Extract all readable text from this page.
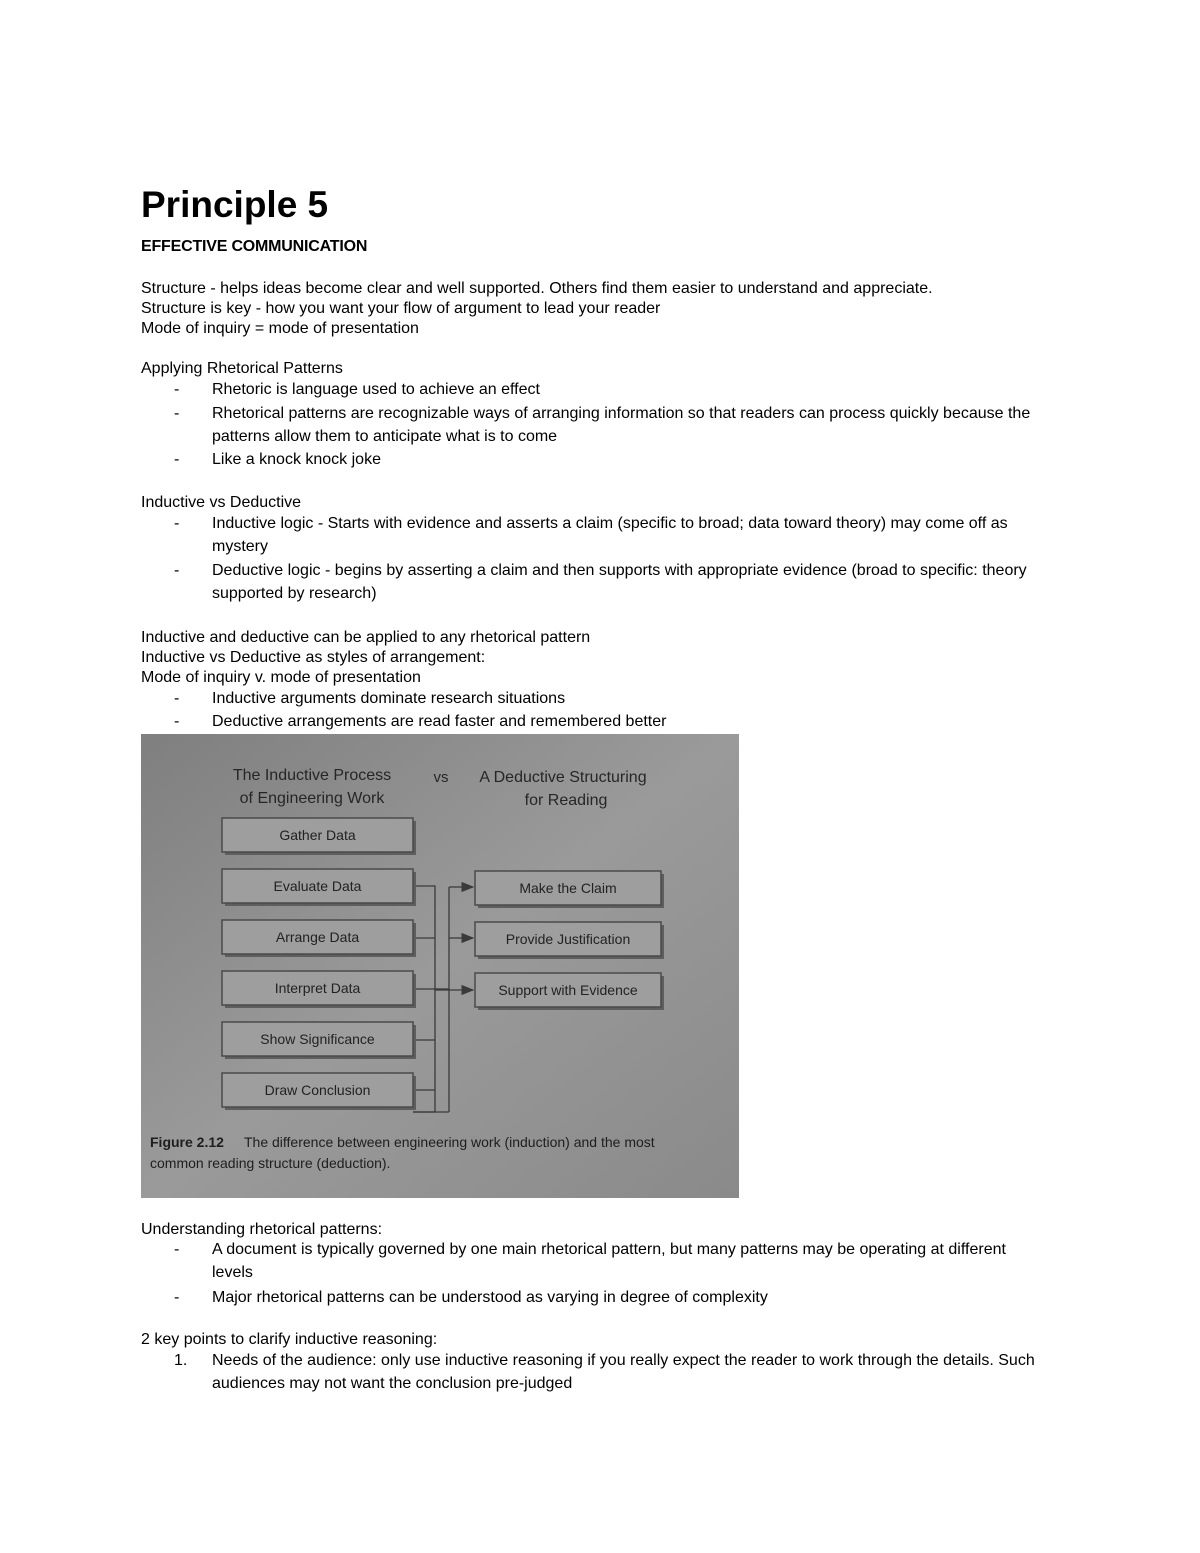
Principle 5

EFFECTIVE COMMUNICATION

Structure - helps ideas become clear and well supported. Others find them easier to understand and appreciate.

Structure is key - how you want your flow of argument to lead your reader

Mode of inquiry = mode of presentation

Applying Rhetorical Patterns

- Rhetoric is language used to achieve an effect
- Rhetorical patterns are recognizable ways of arranging information so that readers can process quickly because the patterns allow them to anticipate what is to come
- Like a knock knock joke

Inductive vs Deductive

- Inductive logic - Starts with evidence and asserts a claim (specific to broad; data toward theory) may come off as mystery
- Deductive logic - begins by asserting a claim and then supports with appropriate evidence (broad to specific: theory supported by research)

Inductive and deductive can be applied to any rhetorical pattern

Inductive vs Deductive as styles of arrangement:

Mode of inquiry v. mode of presentation

- Inductive arguments dominate research situations
- Deductive arrangements are read faster and remembered better
The Inductive Process
of Engineering Work
vs A Deductive Structuring
for Reading
Gather Data
Evaluate Data
Arrange Data
Interpret Data
Show Significance
Draw Conclusion
Make the Claim
Provide Justification
Support with Evidence
Figure 2.12 The difference between engineering work (induction) and the most
common reading structure (deduction).

Understanding rhetorical patterns:

- A document is typically governed by one main rhetorical pattern, but many patterns may be operating at different levels
- Major rhetorical patterns can be understood as varying in degree of complexity

2 key points to clarify inductive reasoning:

1. Needs of the audience: only use inductive reasoning if you really expect the reader to work through the details. Such audiences may not want the conclusion pre-judged
